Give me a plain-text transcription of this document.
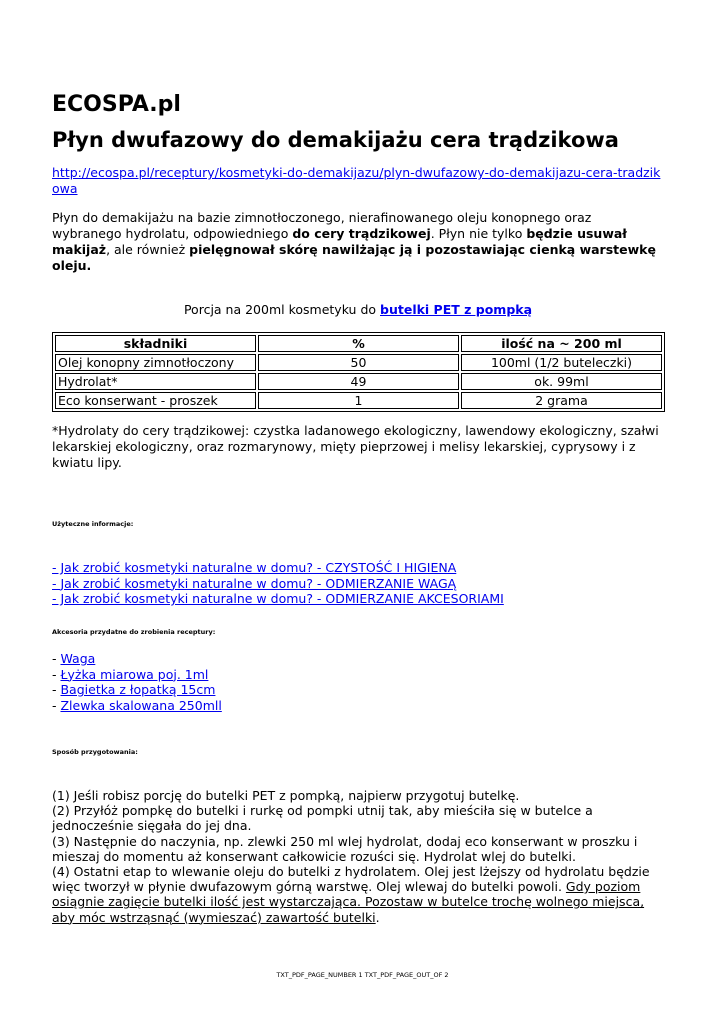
ECOSPA.pl
Płyn dwufazowy do demakijażu cera trądzikowa
http://ecospa.pl/receptury/kosmetyki-do-demakijazu/plyn-dwufazowy-do-demakijazu-cera-tradzikowa
Płyn do demakijażu na bazie zimnotłoczonego, nierafinowanego oleju konopnego oraz wybranego hydrolatu, odpowiedniego do cery trądzikowej. Płyn nie tylko będzie usuwał makijaż, ale również pielęgnował skórę nawilżając ją i pozostawiając cienką warstewkę oleju.
Porcja na 200ml kosmetyku do butelki PET z pompką
składniki	%	ilość na ~ 200 ml
Olej konopny zimnotłoczony	50	100ml (1/2 buteleczki)
Hydrolat*	49	ok. 99ml
Eco konserwant - proszek	1	2 grama
*Hydrolaty do cery trądzikowej: czystka ladanowego ekologiczny, lawendowy ekologiczny, szałwi lekarskiej ekologiczny, oraz rozmarynowy, mięty pieprzowej i melisy lekarskiej, cyprysowy i z kwiatu lipy.
Użyteczne informacje:
- Jak zrobić kosmetyki naturalne w domu? - CZYSTOŚĆ I HIGIENA
- Jak zrobić kosmetyki naturalne w domu? - ODMIERZANIE WAGĄ
- Jak zrobić kosmetyki naturalne w domu? - ODMIERZANIE AKCESORIAMI
Akcesoria przydatne do zrobienia receptury:
- Waga
- Łyżka miarowa poj. 1ml
- Bagietka z łopatką 15cm
- Zlewka skalowana 250mll
Sposób przygotowania:

(1) Jeśli robisz porcję do butelki PET z pompką, najpierw przygotuj butelkę.

(2) Przyłóż pompkę do butelki i rurkę od pompki utnij tak, aby mieściła się w butelce a jednocześnie sięgała do jej dna.

(3) Następnie do naczynia, np. zlewki 250 ml wlej hydrolat, dodaj eco konserwant w proszku i mieszaj do momentu aż konserwant całkowicie rozuści się. Hydrolat wlej do butelki.

(4) Ostatni etap to wlewanie oleju do butelki z hydrolatem. Olej jest lżejszy od hydrolatu będzie więc tworzył w płynie dwufazowym górną warstwę. Olej wlewaj do butelki powoli. Gdy poziom osiągnie zagięcie butelki ilość jest wystarczająca. Pozostaw w butelce trochę wolnego miejsca, aby móc wstrząsnąć (wymieszać) zawartość butelki.

TXT_PDF_PAGE_NUMBER 1 TXT_PDF_PAGE_OUT_OF 2
